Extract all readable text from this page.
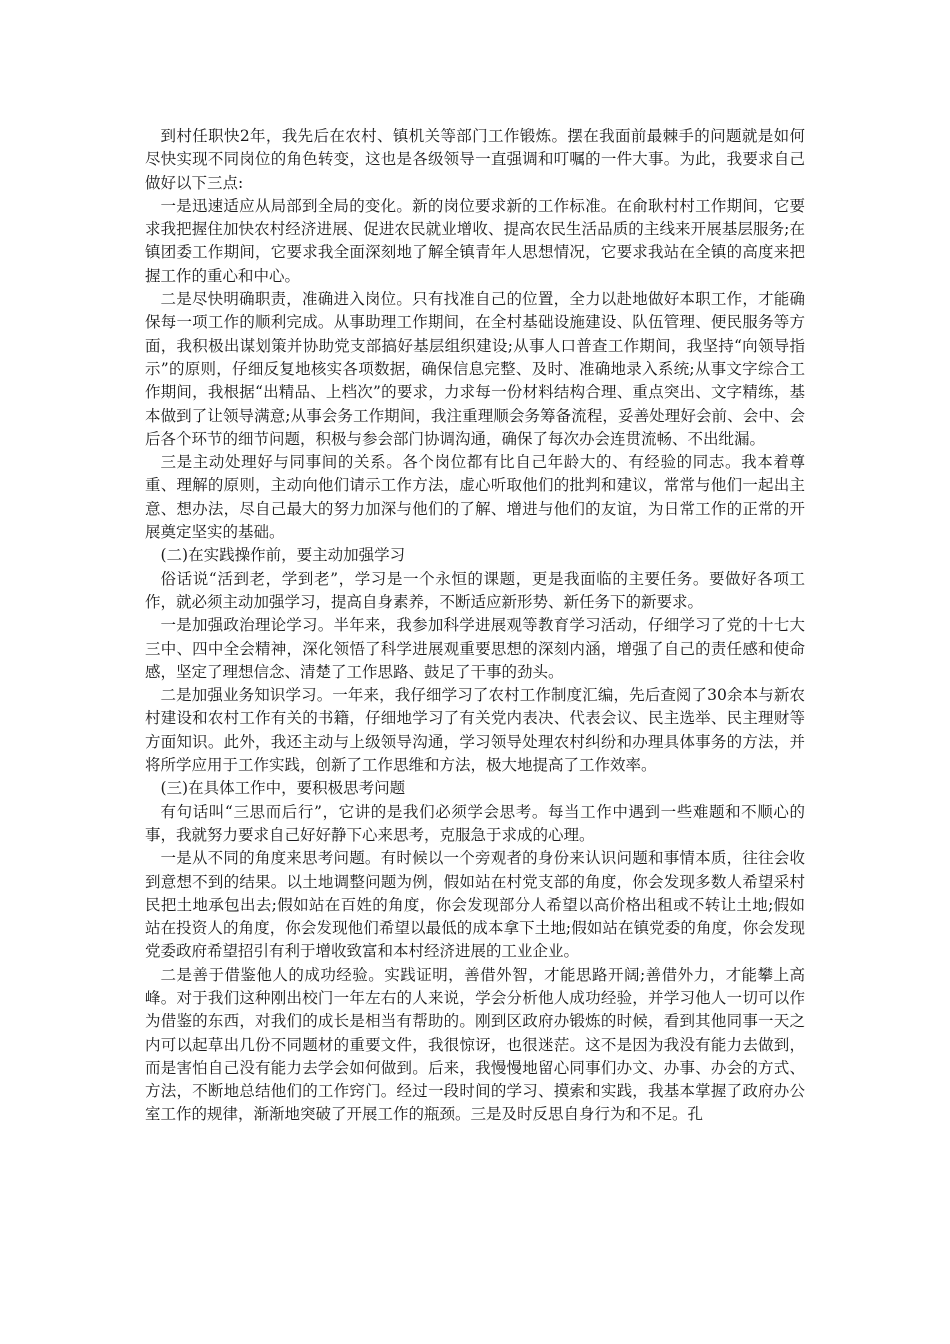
到村任职快2年，我先后在农村、镇机关等部门工作锻炼。摆在我面前最棘手的问题就是如何尽快实现不同岗位的角色转变，这也是各级领导一直强调和叮嘱的一件大事。为此，我要求自己做好以下三点:

一是迅速适应从局部到全局的变化。新的岗位要求新的工作标准。在俞耿村村工作期间，它要求我把握住加快农村经济进展、促进农民就业增收、提高农民生活品质的主线来开展基层服务;在镇团委工作期间，它要求我全面深刻地了解全镇青年人思想情况，它要求我站在全镇的高度来把握工作的重心和中心。

二是尽快明确职责，准确进入岗位。只有找准自己的位置，全力以赴地做好本职工作，才能确保每一项工作的顺利完成。从事助理工作期间，在全村基础设施建设、队伍管理、便民服务等方面，我积极出谋划策并协助党支部搞好基层组织建设;从事人口普查工作期间，我坚持“向领导指示”的原则，仔细反复地核实各项数据，确保信息完整、及时、准确地录入系统;从事文字综合工作期间，我根据“出精品、上档次”的要求，力求每一份材料结构合理、重点突出、文字精练，基本做到了让领导满意;从事会务工作期间，我注重理顺会务筹备流程，妥善处理好会前、会中、会后各个环节的细节问题，积极与参会部门协调沟通，确保了每次办会连贯流畅、不出纰漏。

三是主动处理好与同事间的关系。各个岗位都有比自己年龄大的、有经验的同志。我本着尊重、理解的原则，主动向他们请示工作方法，虚心听取他们的批判和建议，常常与他们一起出主意、想办法，尽自己最大的努力加深与他们的了解、增进与他们的友谊，为日常工作的正常的开展奠定坚实的基础。

(二)在实践操作前，要主动加强学习

俗话说“活到老，学到老”，学习是一个永恒的课题，更是我面临的主要任务。要做好各项工作，就必须主动加强学习，提高自身素养，不断适应新形势、新任务下的新要求。

一是加强政治理论学习。半年来，我参加科学进展观等教育学习活动，仔细学习了党的十七大三中、四中全会精神，深化领悟了科学进展观重要思想的深刻内涵，增强了自己的责任感和使命感，坚定了理想信念、清楚了工作思路、鼓足了干事的劲头。

二是加强业务知识学习。一年来，我仔细学习了农村工作制度汇编，先后查阅了30余本与新农村建设和农村工作有关的书籍，仔细地学习了有关党内表决、代表会议、民主选举、民主理财等方面知识。此外，我还主动与上级领导沟通，学习领导处理农村纠纷和办理具体事务的方法，并将所学应用于工作实践，创新了工作思维和方法，极大地提高了工作效率。

(三)在具体工作中，要积极思考问题

有句话叫“三思而后行”，它讲的是我们必须学会思考。每当工作中遇到一些难题和不顺心的事，我就努力要求自己好好静下心来思考，克服急于求成的心理。

一是从不同的角度来思考问题。有时候以一个旁观者的身份来认识问题和事情本质，往往会收到意想不到的结果。以土地调整问题为例，假如站在村党支部的角度，你会发现多数人希望采村民把土地承包出去;假如站在百姓的角度，你会发现部分人希望以高价格出租或不转让土地;假如站在投资人的角度，你会发现他们希望以最低的成本拿下土地;假如站在镇党委的角度，你会发现党委政府希望招引有利于增收致富和本村经济进展的工业企业。

二是善于借鉴他人的成功经验。实践证明，善借外智，才能思路开阔;善借外力，才能攀上高峰。对于我们这种刚出校门一年左右的人来说，学会分析他人成功经验，并学习他人一切可以作为借鉴的东西，对我们的成长是相当有帮助的。刚到区政府办锻炼的时候，看到其他同事一天之内可以起草出几份不同题材的重要文件，我很惊讶，也很迷茫。这不是因为我没有能力去做到，而是害怕自己没有能力去学会如何做到。后来，我慢慢地留心同事们办文、办事、办会的方式、方法，不断地总结他们的工作窍门。经过一段时间的学习、摸索和实践，我基本掌握了政府办公室工作的规律，渐渐地突破了开展工作的瓶颈。三是及时反思自身行为和不足。孔
